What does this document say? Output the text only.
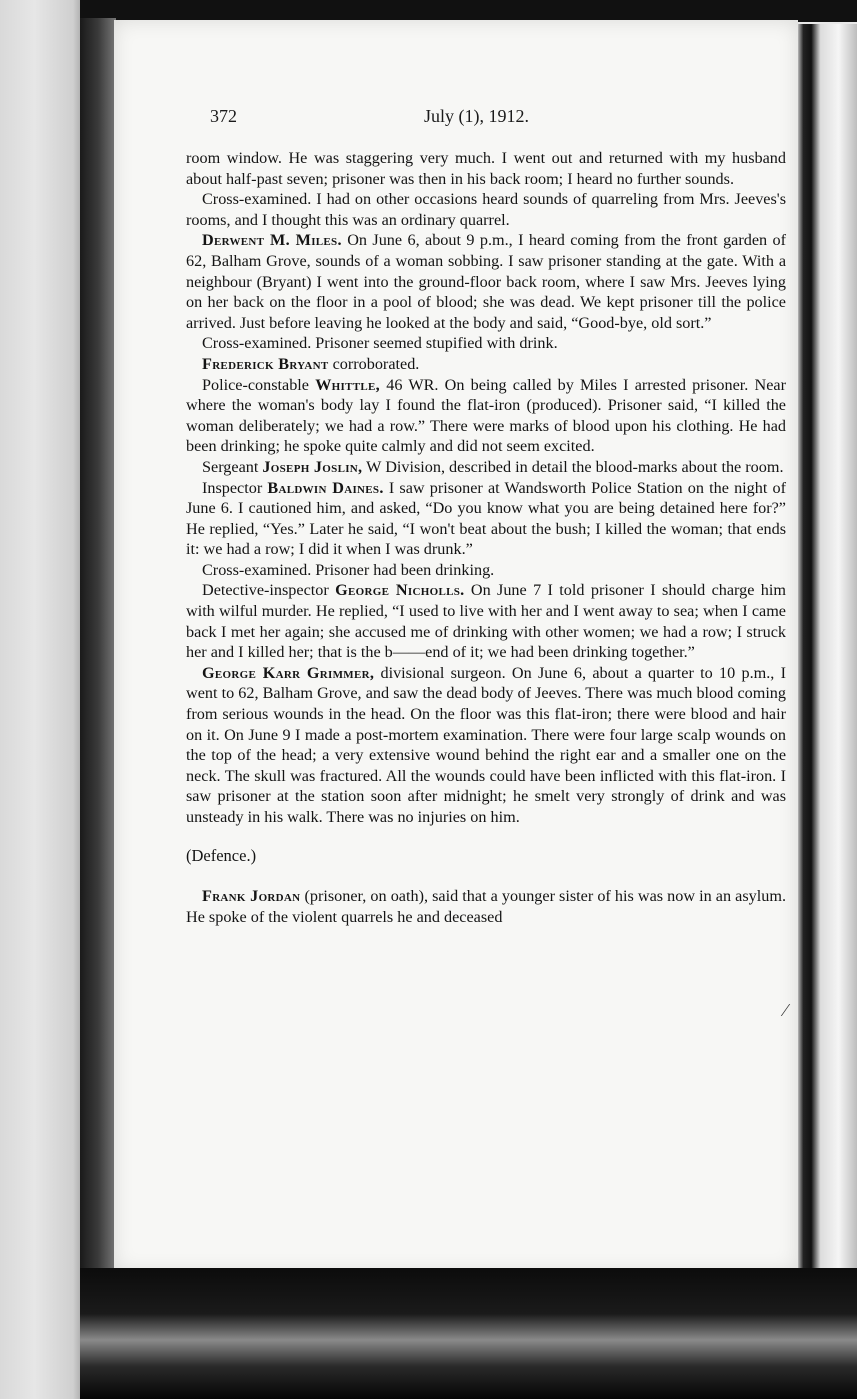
372	July (1), 1912.

room window. He was staggering very much. I went out and returned with my husband about half-past seven; prisoner was then in his back room; I heard no further sounds.

Cross-examined. I had on other occasions heard sounds of quarreling from Mrs. Jeeves's rooms, and I thought this was an ordinary quarrel.

Derwent M. Miles. On June 6, about 9 p.m., I heard coming from the front garden of 62, Balham Grove, sounds of a woman sobbing. I saw prisoner standing at the gate. With a neighbour (Bryant) I went into the ground-floor back room, where I saw Mrs. Jeeves lying on her back on the floor in a pool of blood; she was dead. We kept prisoner till the police arrived. Just before leaving he looked at the body and said, “Good-bye, old sort.”

Cross-examined. Prisoner seemed stupified with drink.

Frederick Bryant corroborated.

Police-constable Whittle, 46 WR. On being called by Miles I arrested prisoner. Near where the woman's body lay I found the flat-iron (produced). Prisoner said, “I killed the woman deliberately; we had a row.” There were marks of blood upon his clothing. He had been drinking; he spoke quite calmly and did not seem excited.

Sergeant Joseph Joslin, W Division, described in detail the blood-marks about the room.

Inspector Baldwin Daines. I saw prisoner at Wandsworth Police Station on the night of June 6. I cautioned him, and asked, “Do you know what you are being detained here for?” He replied, “Yes.” Later he said, “I won't beat about the bush; I killed the woman; that ends it: we had a row; I did it when I was drunk.”

Cross-examined. Prisoner had been drinking.

Detective-inspector George Nicholls. On June 7 I told prisoner I should charge him with wilful murder. He replied, “I used to live with her and I went away to sea; when I came back I met her again; she accused me of drinking with other women; we had a row; I struck her and I killed her; that is the b——end of it; we had been drinking together.”

George Karr Grimmer, divisional surgeon. On June 6, about a quarter to 10 p.m., I went to 62, Balham Grove, and saw the dead body of Jeeves. There was much blood coming from serious wounds in the head. On the floor was this flat-iron; there were blood and hair on it. On June 9 I made a post-mortem examination. There were four large scalp wounds on the top of the head; a very extensive wound behind the right ear and a smaller one on the neck. The skull was fractured. All the wounds could have been inflicted with this flat-iron. I saw prisoner at the station soon after midnight; he smelt very strongly of drink and was unsteady in his walk. There was no injuries on him.

(Defence.)

Frank Jordan (prisoner, on oath), said that a younger sister of his was now in an asylum. He spoke of the violent quarrels he and deceased

⁄
